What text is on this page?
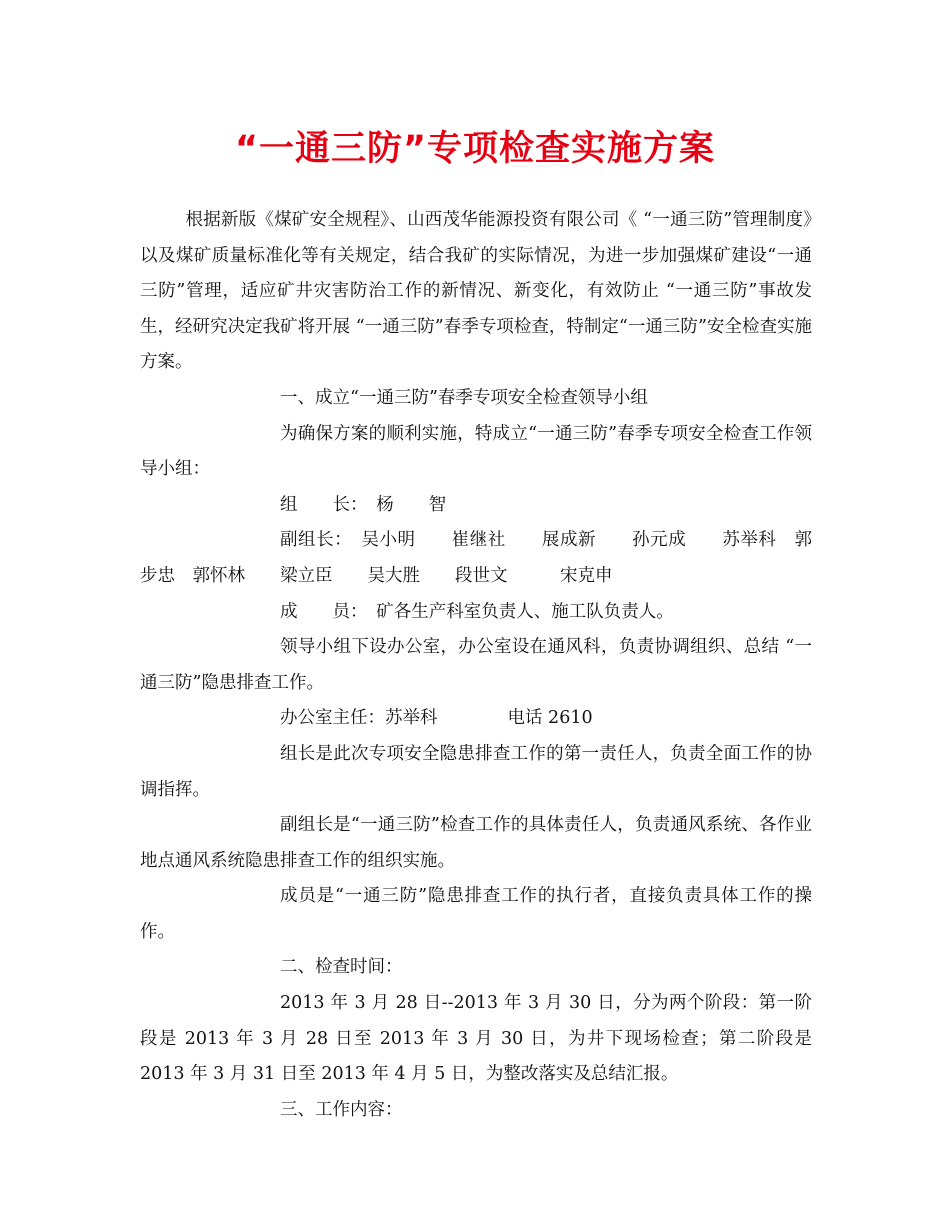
“一通三防”专项检查实施方案

根据新版《煤矿安全规程》、山西茂华能源投资有限公司《 “一通三防”管理制度》以及煤矿质量标准化等有关规定，结合我矿的实际情况，为进一步加强煤矿建设“一通三防”管理，适应矿井灾害防治工作的新情况、新变化，有效防止 “一通三防”事故发生，经研究决定我矿将开展 “一通三防”春季专项检查，特制定“一通三防”安全检查实施方案。

一、成立“一通三防”春季专项安全检查领导小组

为确保方案的顺利实施，特成立“一通三防”春季专项安全检查工作领导小组：

组　　长：　杨　　智

副组长：　吴小明　　崔继社　　展成新　　孙元成　　苏举科　郭步忠　郭怀林　　梁立臣　　吴大胜　　段世文　　　宋克申

成　　员：　矿各生产科室负责人、施工队负责人。

领导小组下设办公室，办公室设在通风科，负责协调组织、总结 “一通三防”隐患排查工作。

办公室主任：苏举科　　　　电话 2610

组长是此次专项安全隐患排查工作的第一责任人，负责全面工作的协调指挥。

副组长是“一通三防”检查工作的具体责任人，负责通风系统、各作业地点通风系统隐患排查工作的组织实施。

成员是“一通三防”隐患排查工作的执行者，直接负责具体工作的操作。

二、检查时间：

2013 年 3 月 28 日--2013 年 3 月 30 日，分为两个阶段：第一阶段是 2013 年 3 月 28 日至 2013 年 3 月 30 日，为井下现场检查；第二阶段是 2013 年 3 月 31 日至 2013 年 4 月 5 日，为整改落实及总结汇报。

三、工作内容：
